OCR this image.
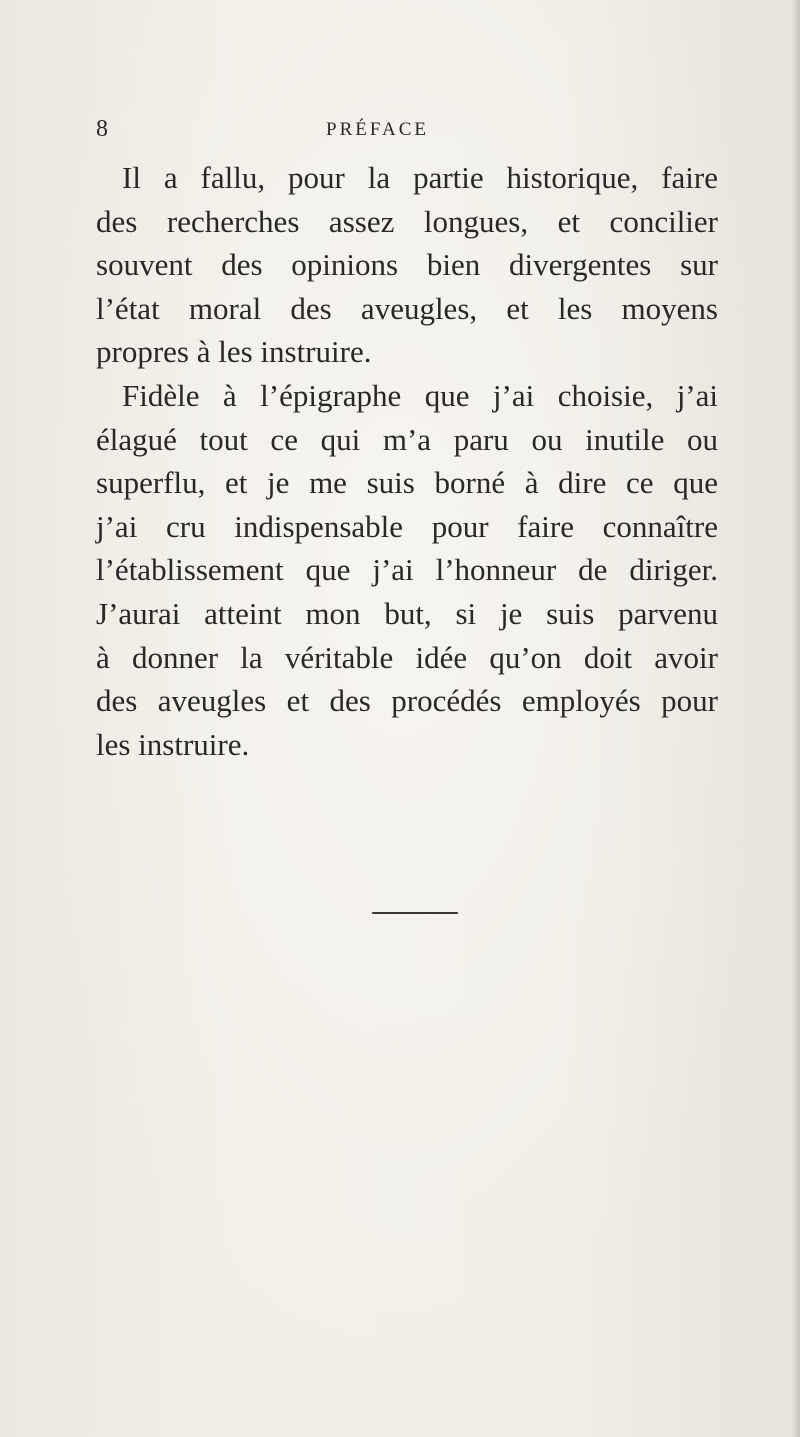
8	PRÉFACE
Il a fallu, pour la partie historique, faire
des recherches assez longues, et concilier
souvent des opinions bien divergentes sur
l’état moral des aveugles, et les moyens
propres à les instruire.
Fidèle à l’épigraphe que j’ai choisie, j’ai
élagué tout ce qui m’a paru ou inutile ou
superflu, et je me suis borné à dire ce que
j’ai cru indispensable pour faire connaître
l’établissement que j’ai l’honneur de diriger.
J’aurai atteint mon but, si je suis parvenu
à donner la véritable idée qu’on doit avoir
des aveugles et des procédés employés pour
les instruire.
